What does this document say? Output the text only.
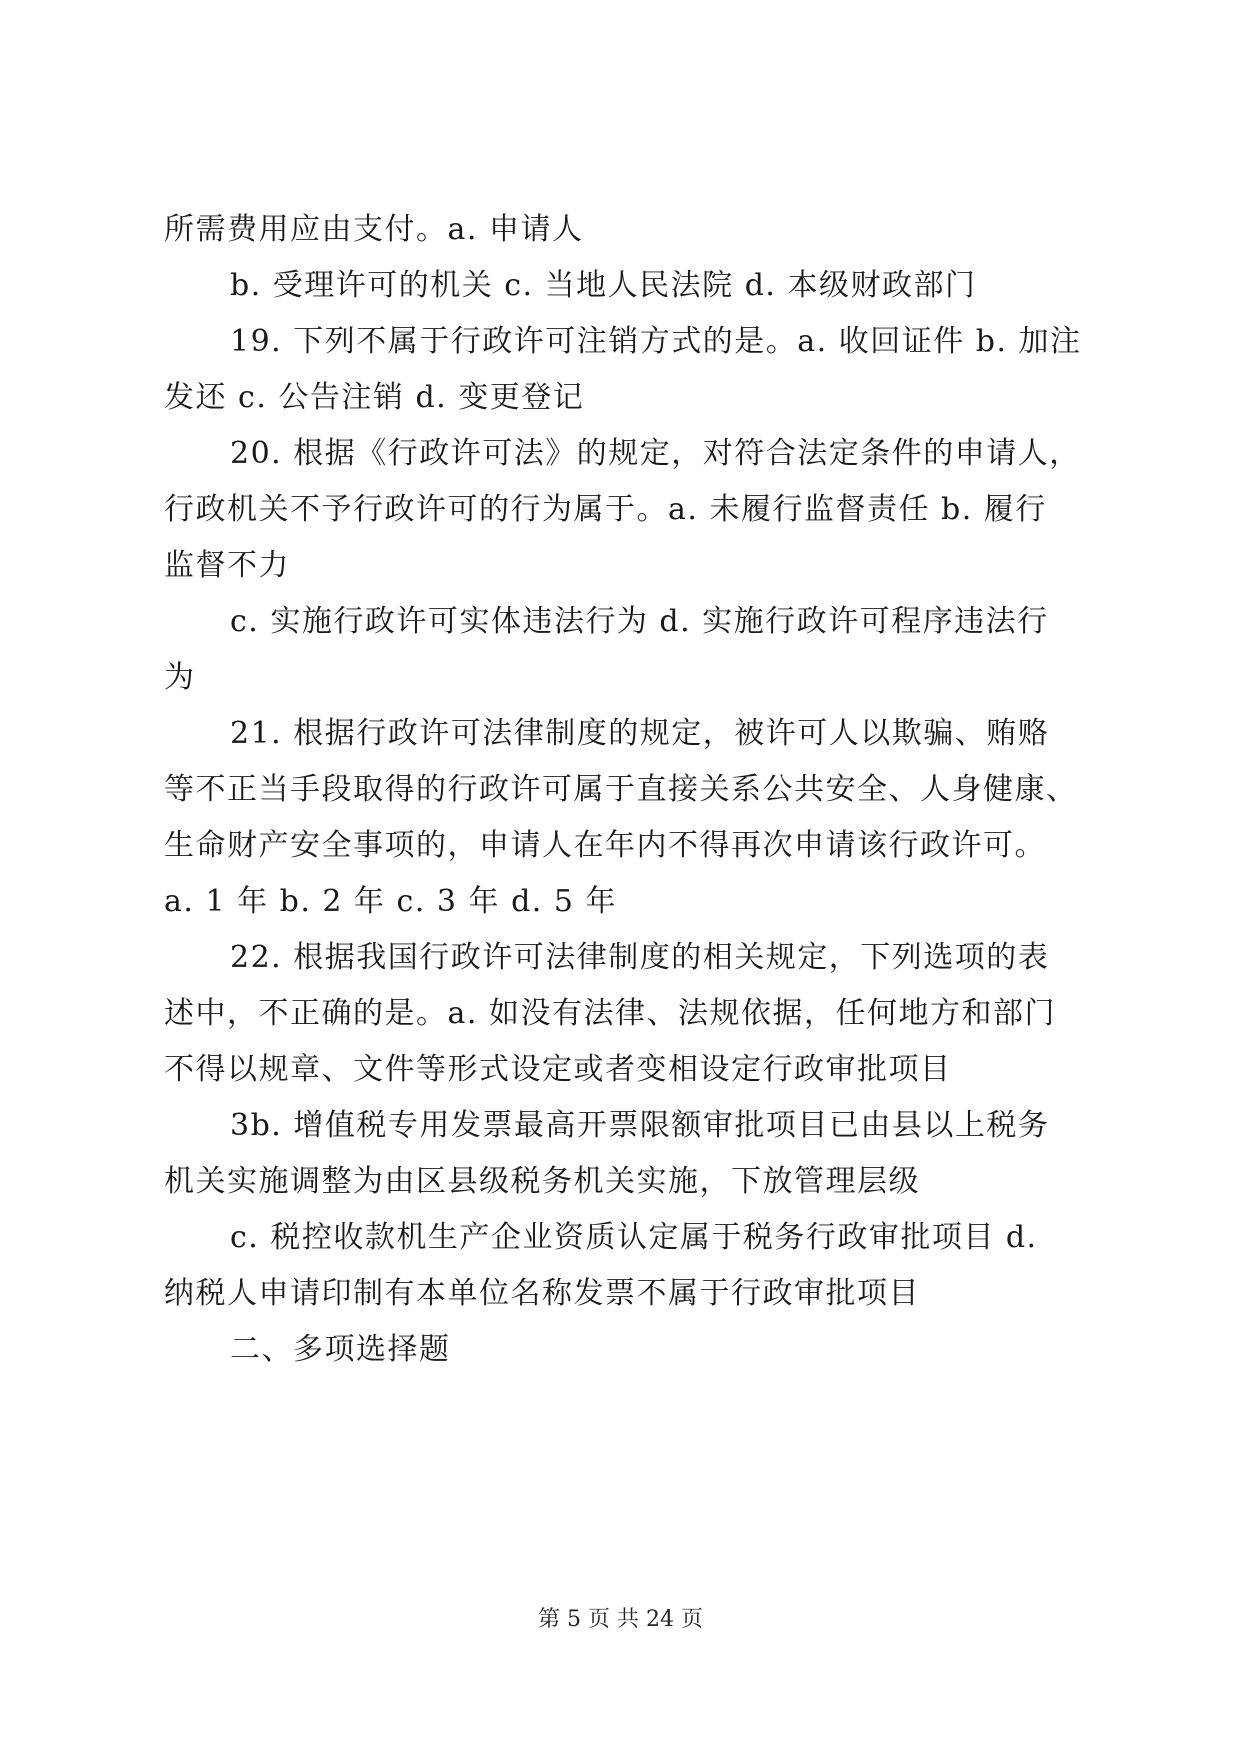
所需费用应由支付。a. 申请人
b. 受理许可的机关 c. 当地人民法院 d. 本级财政部门
19. 下列不属于行政许可注销方式的是。a. 收回证件 b. 加注
发还 c. 公告注销 d. 变更登记
20. 根据《行政许可法》的规定，对符合法定条件的申请人，
行政机关不予行政许可的行为属于。a. 未履行监督责任 b. 履行
监督不力
c. 实施行政许可实体违法行为 d. 实施行政许可程序违法行
为
21. 根据行政许可法律制度的规定，被许可人以欺骗、贿赂
等不正当手段取得的行政许可属于直接关系公共安全、人身健康、
生命财产安全事项的，申请人在年内不得再次申请该行政许可。
a. 1 年 b. 2 年 c. 3 年 d. 5 年
22. 根据我国行政许可法律制度的相关规定，下列选项的表
述中，不正确的是。a. 如没有法律、法规依据，任何地方和部门
不得以规章、文件等形式设定或者变相设定行政审批项目
3b. 增值税专用发票最高开票限额审批项目已由县以上税务
机关实施调整为由区县级税务机关实施，下放管理层级
c. 税控收款机生产企业资质认定属于税务行政审批项目 d.
纳税人申请印制有本单位名称发票不属于行政审批项目
二、多项选择题
第 5 页 共 24 页
